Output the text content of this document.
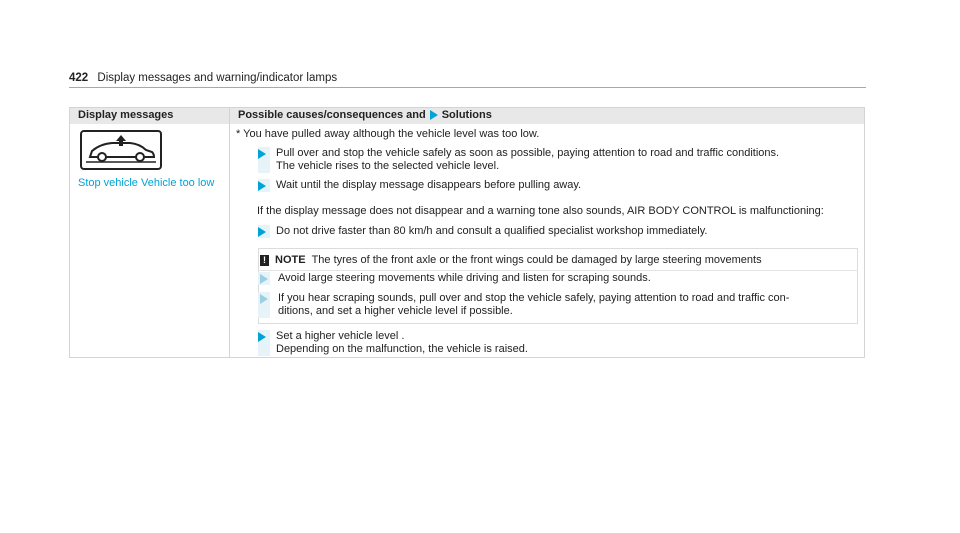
422 Display messages and warning/indicator lamps
Display messages	Possible causes/consequences and Solutions
Stop vehicle Vehicle too low
* You have pulled away although the vehicle level was too low.
Pull over and stop the vehicle safely as soon as possible, paying attention to road and traffic conditions.
The vehicle rises to the selected vehicle level.
Wait until the display message disappears before pulling away.
If the display message does not disappear and a warning tone also sounds, AIR BODY CONTROL is malfunctioning:
Do not drive faster than 80 km/h and consult a qualified specialist workshop immediately.
! NOTE The tyres of the front axle or the front wings could be damaged by large steering movements
Avoid large steering movements while driving and listen for scraping sounds.
If you hear scraping sounds, pull over and stop the vehicle safely, paying attention to road and traffic con-
ditions, and set a higher vehicle level if possible.
Set a higher vehicle level .
Depending on the malfunction, the vehicle is raised.
